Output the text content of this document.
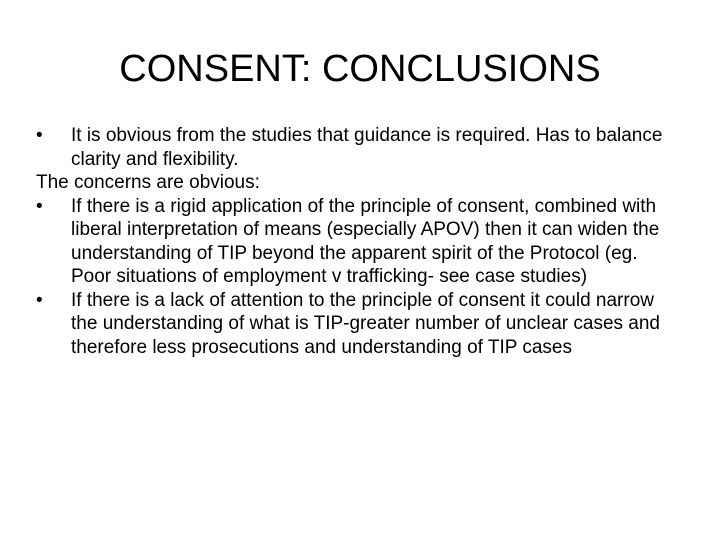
CONSENT: CONCLUSIONS

•	It is obvious from the studies that guidance is required. Has to balance clarity and flexibility.

The concerns are obvious:

•	If there is a rigid application of the principle of consent, combined with liberal interpretation of means (especially APOV) then it can widen the understanding of TIP beyond the apparent spirit of the Protocol (eg. Poor situations of employment v trafficking- see case studies)

•	If there is a lack of attention to the principle of consent it could narrow the understanding of what is TIP-greater number of unclear cases and therefore less prosecutions and understanding of TIP cases
